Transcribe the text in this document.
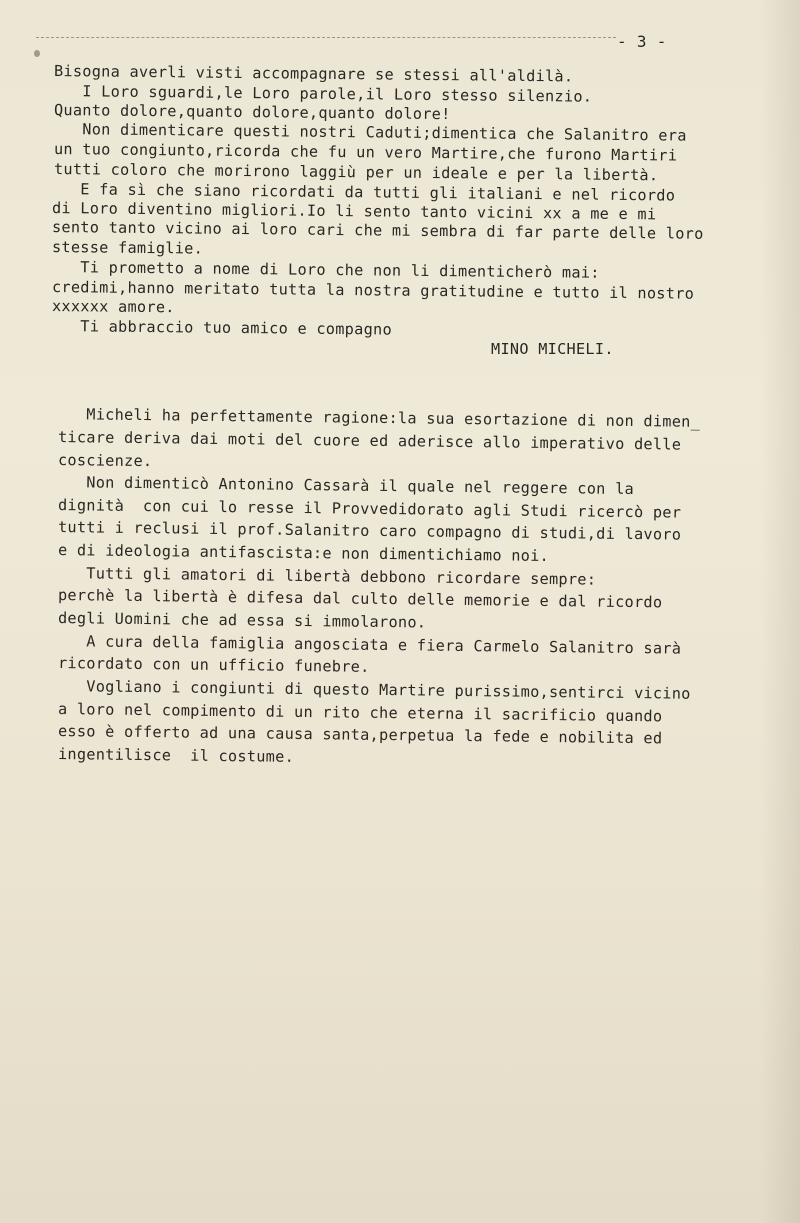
- 3 -
Bisogna averli visti accompagnare se stessi all'aldilà.
I Loro sguardi,le Loro parole,il Loro stesso silenzio.
Quanto dolore,quanto dolore,quanto dolore!
Non dimenticare questi nostri Caduti;dimentica che Salanitro era
un tuo congiunto,ricorda che fu un vero Martire,che furono Martiri
tutti coloro che morirono laggiù per un ideale e per la libertà.
E fa sì che siano ricordati da tutti gli italiani e nel ricordo
di Loro diventino migliori.Io li sento tanto vicini xx a me e mi
sento tanto vicino ai loro cari che mi sembra di far parte delle loro
stesse famiglie.
Ti prometto a nome di Loro che non li dimenticherò mai:
credimi,hanno meritato tutta la nostra gratitudine e tutto il nostro
xxxxxx amore.
Ti abbraccio tuo amico e compagno
MINO MICHELI.
Micheli ha perfettamente ragione:la sua esortazione di non dimen_
ticare deriva dai moti del cuore ed aderisce allo imperativo delle
coscienze.
Non dimenticò Antonino Cassarà il quale nel reggere con la
dignità  con cui lo resse il Provvedidorato agli Studi ricercò per
tutti i reclusi il prof.Salanitro caro compagno di studi,di lavoro
e di ideologia antifascista:e non dimentichiamo noi.
Tutti gli amatori di libertà debbono ricordare sempre:
perchè la libertà è difesa dal culto delle memorie e dal ricordo
degli Uomini che ad essa si immolarono.
A cura della famiglia angosciata e fiera Carmelo Salanitro sarà
ricordato con un ufficio funebre.
Vogliano i congiunti di questo Martire purissimo,sentirci vicino
a loro nel compimento di un rito che eterna il sacrificio quando
esso è offerto ad una causa santa,perpetua la fede e nobilita ed
ingentilisce  il costume.
